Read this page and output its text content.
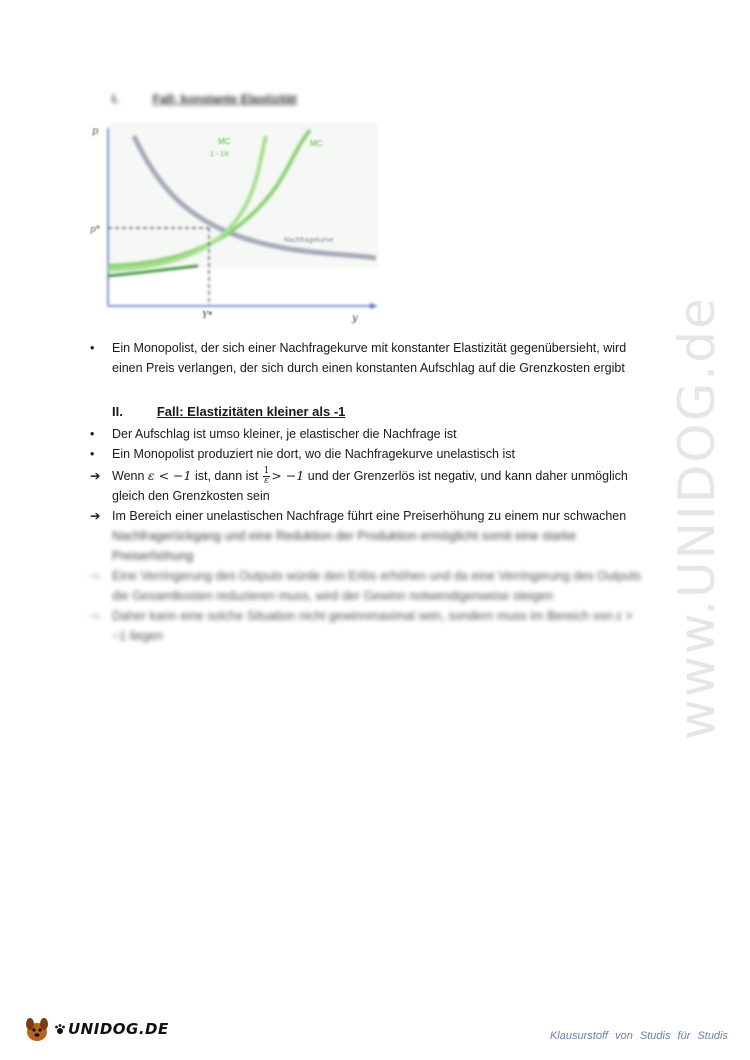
I.	Fall: konstante Elastizität
p
p*
Y*	y
MC
MC
1 - 1/ε
Nachfragekurve
•	Ein Monopolist, der sich einer Nachfragekurve mit konstanter Elastizität gegenübersieht, wird einen Preis verlangen, der sich durch einen konstanten Aufschlag auf die Grenzkosten ergibt
II.	Fall: Elastizitäten kleiner als -1
•	Der Aufschlag ist umso kleiner, je elastischer die Nachfrage ist
•	Ein Monopolist produziert nie dort, wo die Nachfragekurve unelastisch ist
➔ Wenn ε < −1 ist, dann ist $\frac{1}{\varepsilon} > -1$ und der Grenzerlös ist negativ, und kann daher unmöglich gleich den Grenzkosten sein
➔ Im Bereich einer unelastischen Nachfrage führt eine Preiserhöhung zu einem nur schwachen
Nachfragerückgang und eine Reduktion der Produktion ermöglicht somit eine starke Preiserhöhung
⇨ Eine Verringerung des Outputs würde den Erlös erhöhen und da eine Verringerung des Outputs die Gesamtkosten reduzieren muss, wird der Gewinn notwendigerweise steigen
⇨ Daher kann eine solche Situation nicht gewinnmaximal sein, sondern muss im Bereich von ε > −1 liegen	www.UNIDOG.de
UNIDOG.DE	Klausurstoff von Studis für Studis
